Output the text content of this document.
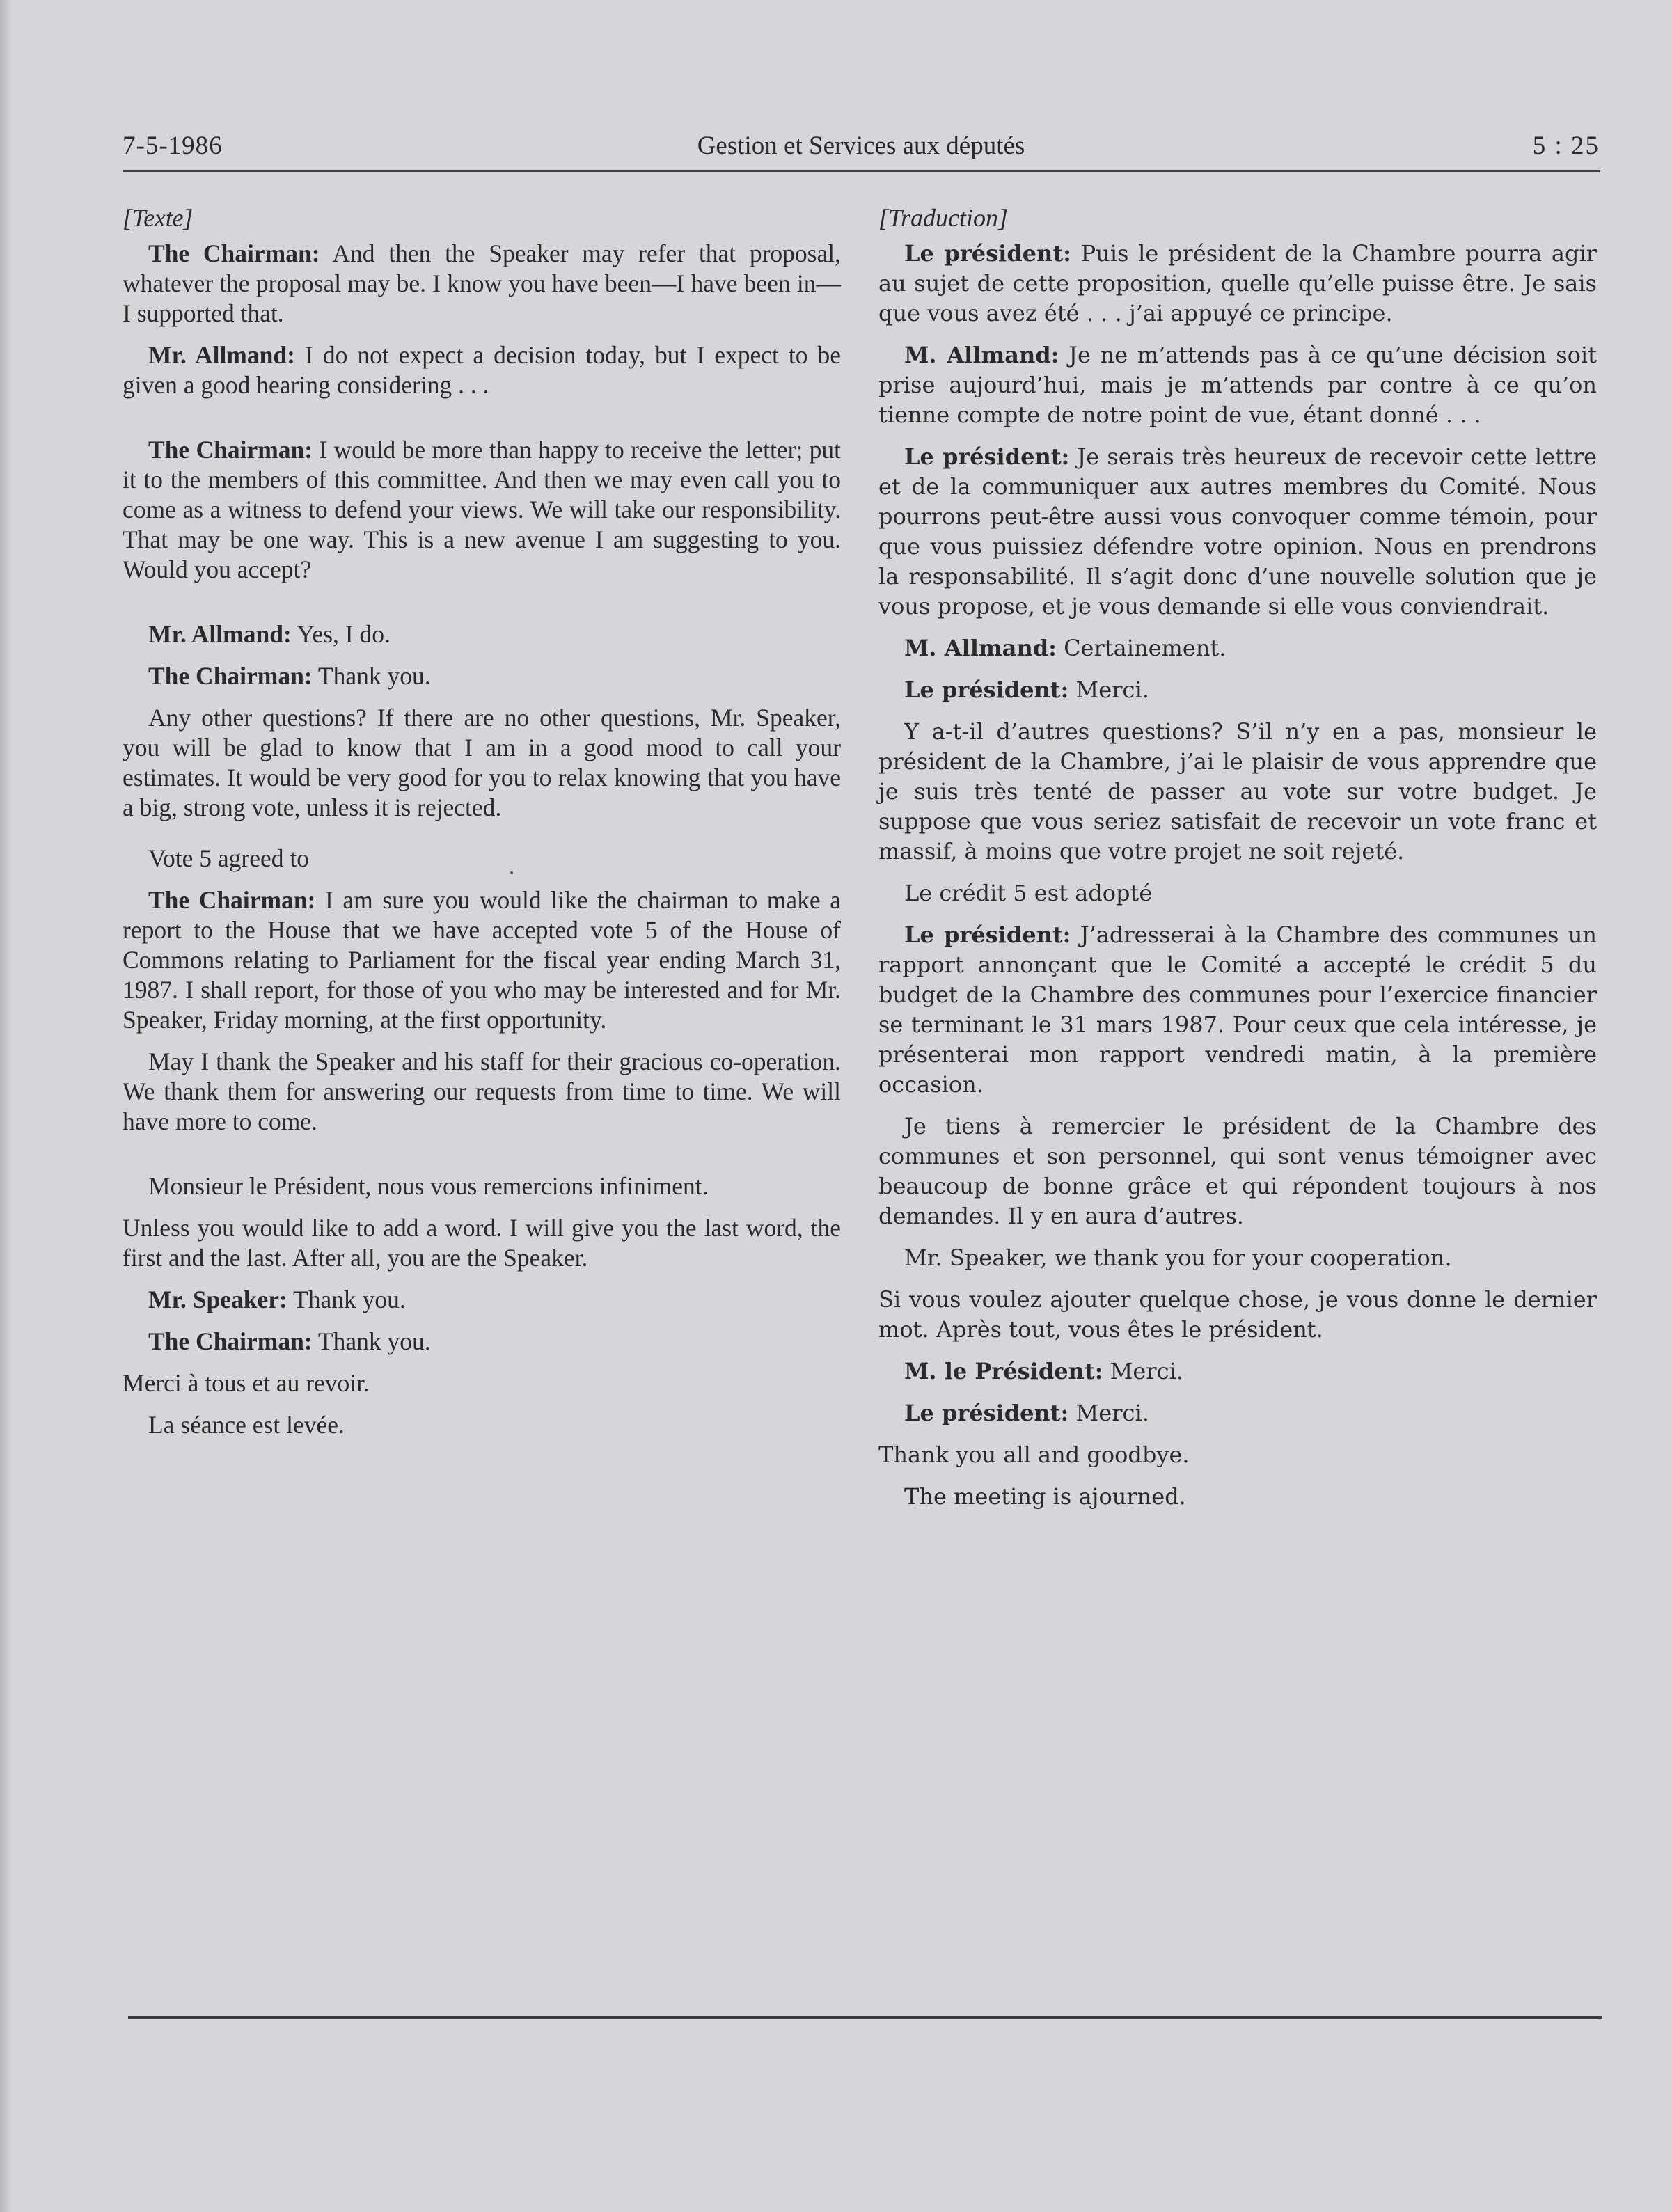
7-5-1986	Gestion et Services aux députés	5 : 25

[Texte]

The Chairman: And then the Speaker may refer that proposal, whatever the proposal may be. I know you have been—I have been in—I supported that.

Mr. Allmand: I do not expect a decision today, but I expect to be given a good hearing considering . . .

The Chairman: I would be more than happy to receive the letter; put it to the members of this committee. And then we may even call you to come as a witness to defend your views. We will take our responsibility. That may be one way. This is a new avenue I am suggesting to you. Would you accept?

Mr. Allmand: Yes, I do.

The Chairman: Thank you.

Any other questions? If there are no other questions, Mr. Speaker, you will be glad to know that I am in a good mood to call your estimates. It would be very good for you to relax knowing that you have a big, strong vote, unless it is rejected.

Vote 5 agreed to

The Chairman: I am sure you would like the chairman to make a report to the House that we have accepted vote 5 of the House of Commons relating to Parliament for the fiscal year ending March 31, 1987. I shall report, for those of you who may be interested and for Mr. Speaker, Friday morning, at the first opportunity.

May I thank the Speaker and his staff for their gracious co-operation. We thank them for answering our requests from time to time. We will have more to come.

Monsieur le Président, nous vous remercions infiniment.

Unless you would like to add a word. I will give you the last word, the first and the last. After all, you are the Speaker.

Mr. Speaker: Thank you.

The Chairman: Thank you.

Merci à tous et au revoir.

La séance est levée.

[Traduction]

Le président: Puis le président de la Chambre pourra agir au sujet de cette proposition, quelle qu’elle puisse être. Je sais que vous avez été . . . j’ai appuyé ce principe.

M. Allmand: Je ne m’attends pas à ce qu’une décision soit prise aujourd’hui, mais je m’attends par contre à ce qu’on tienne compte de notre point de vue, étant donné . . .

Le président: Je serais très heureux de recevoir cette lettre et de la communiquer aux autres membres du Comité. Nous pourrons peut-être aussi vous convoquer comme témoin, pour que vous puissiez défendre votre opinion. Nous en prendrons la responsabilité. Il s’agit donc d’une nouvelle solution que je vous propose, et je vous demande si elle vous conviendrait.

M. Allmand: Certainement.

Le président: Merci.

Y a-t-il d’autres questions? S’il n’y en a pas, monsieur le président de la Chambre, j’ai le plaisir de vous apprendre que je suis très tenté de passer au vote sur votre budget. Je suppose que vous seriez satisfait de recevoir un vote franc et massif, à moins que votre projet ne soit rejeté.

Le crédit 5 est adopté

Le président: J’adresserai à la Chambre des communes un rapport annonçant que le Comité a accepté le crédit 5 du budget de la Chambre des communes pour l’exercice financier se terminant le 31 mars 1987. Pour ceux que cela intéresse, je présenterai mon rapport vendredi matin, à la première occasion.

Je tiens à remercier le président de la Chambre des communes et son personnel, qui sont venus témoigner avec beaucoup de bonne grâce et qui répondent toujours à nos demandes. Il y en aura d’autres.

Mr. Speaker, we thank you for your cooperation.

Si vous voulez ajouter quelque chose, je vous donne le dernier mot. Après tout, vous êtes le président.

M. le Président: Merci.

Le président: Merci.

Thank you all and goodbye.

The meeting is ajourned.
